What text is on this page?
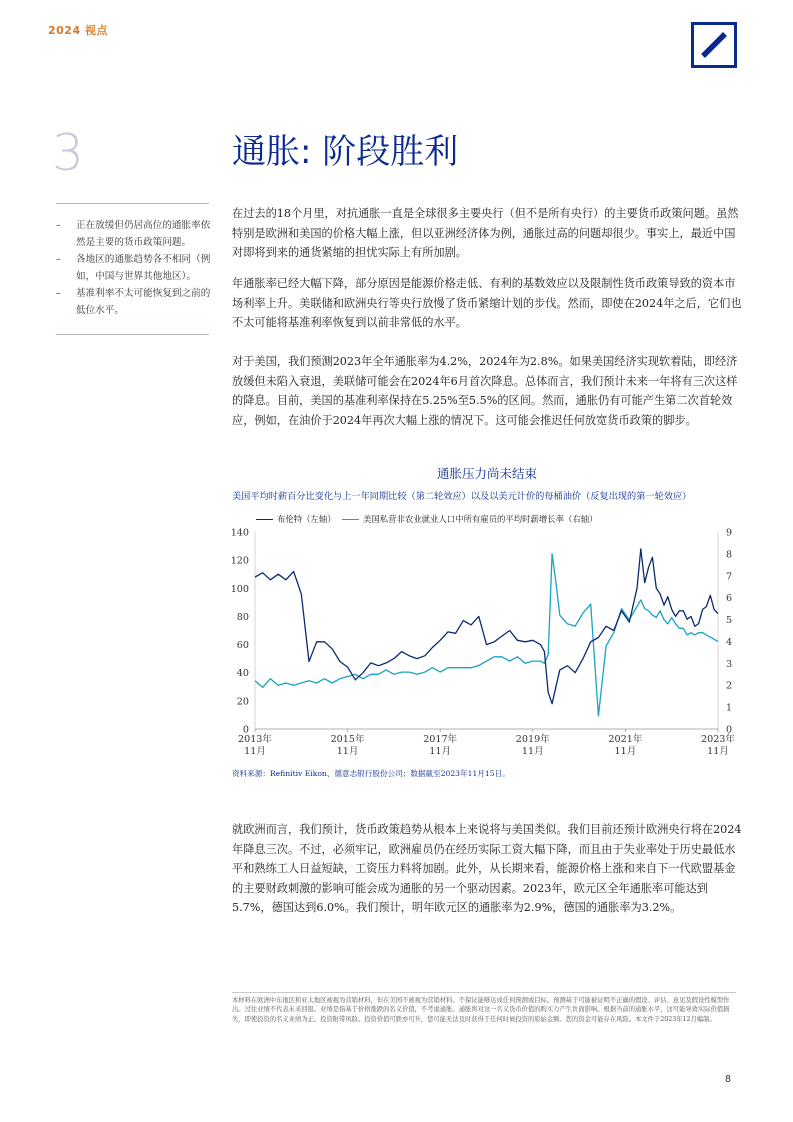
2024 视点
3	通胀: 阶段胜利
– 正在放缓但仍居高位的通胀率依然是主要的货币政策问题。
– 各地区的通胀趋势各不相同（例如，中国与世界其他地区）。
– 基准利率不太可能恢复到之前的低位水平。

在过去的18个月里，对抗通胀一直是全球很多主要央行（但不是所有央行）的主要货币政策问题。虽然特别是欧洲和美国的价格大幅上涨，但以亚洲经济体为例，通胀过高的问题却很少。事实上，最近中国对即将到来的通货紧缩的担忧实际上有所加剧。

年通胀率已经大幅下降，部分原因是能源价格走低、有利的基数效应以及限制性货币政策导致的资本市场利率上升。美联储和欧洲央行等央行放慢了货币紧缩计划的步伐。然而，即使在2024年之后，它们也不太可能将基准利率恢复到以前非常低的水平。

对于美国，我们预测2023年全年通胀率为4.2%，2024年为2.8%。如果美国经济实现软着陆，即经济放缓但未陷入衰退，美联储可能会在2024年6月首次降息。总体而言，我们预计未来一年将有三次这样的降息。目前，美国的基准利率保持在5.25%至5.5%的区间。然而，通胀仍有可能产生第二次首轮效应，例如，在油价于2024年再次大幅上涨的情况下。这可能会推迟任何放宽货币政策的脚步。

通胀压力尚未结束
美国平均时薪百分比变化与上一年同期比较（第二轮效应）以及以美元计价的每桶油价（反复出现的第一轮效应）
布伦特（左轴）	美国私营非农业就业人口中所有雇员的平均时薪增长率（右轴）
0
20
40
60
80
100
120
140
0
1
2
3
4
5
6
7
8
9
2013年
11月
2015年
11月
2017年
11月
2019年
11月
2021年
11月
2023年
11月
资料来源：Refinitiv Eikon、德意志银行股份公司；数据截至2023年11月15日。

就欧洲而言，我们预计，货币政策趋势从根本上来说将与美国类似。我们目前还预计欧洲央行将在2024年降息三次。不过，必须牢记，欧洲雇员仍在经历实际工资大幅下降，而且由于失业率处于历史最低水平和熟练工人日益短缺，工资压力料将加剧。此外，从长期来看，能源价格上涨和来自下一代欧盟基金的主要财政刺激的影响可能会成为通胀的另一个驱动因素。2023年，欧元区全年通胀率可能达到5.7%，德国达到6.0%。我们预计，明年欧元区的通胀率为2.9%，德国的通胀率为3.2%。

本材料在欧洲中东地区和亚太地区被视为营销材料，但在美国不被视为营销材料。不保证能够达成任何预测或目标。预测基于可能被证明不正确的假设、评估、意见及假设性模型作出。过往业绩不代表未来回报。业绩是指基于价格涨跌的名义价值，不考虑通胀。通胀将对这一名义货币价值的购买力产生负面影响。根据当前的通胀水平，这可能导致实际价值损失，即使投资的名义业绩为正。投资附带风险。投资价值可跌亦可升，您可能无法及时获得于任何时候投资的原始金额。您的资金可能存在风险。本文件于2023年12月编制。

8
